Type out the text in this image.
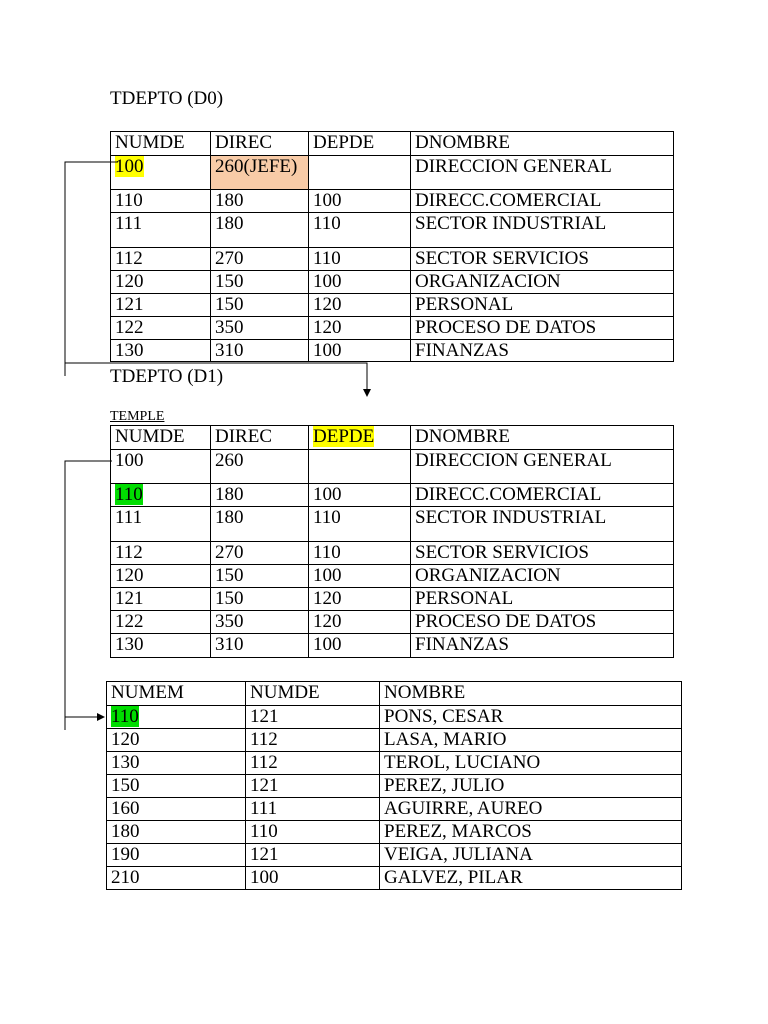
TDEPTO (D0)
NUMDE	DIREC	DEPDE	DNOMBRE
100	260(JEFE)		DIRECCION GENERAL
110	180	100	DIRECC.COMERCIAL
111	180	110	SECTOR INDUSTRIAL
112	270	110	SECTOR SERVICIOS
120	150	100	ORGANIZACION
121	150	120	PERSONAL
122	350	120	PROCESO DE DATOS
130	310	100	FINANZAS
TDEPTO (D1)
TEMPLE
NUMDE	DIREC	DEPDE	DNOMBRE
100	260		DIRECCION GENERAL
110	180	100	DIRECC.COMERCIAL
111	180	110	SECTOR INDUSTRIAL
112	270	110	SECTOR SERVICIOS
120	150	100	ORGANIZACION
121	150	120	PERSONAL
122	350	120	PROCESO DE DATOS
130	310	100	FINANZAS
NUMEM	NUMDE	NOMBRE
110	121	PONS, CESAR
120	112	LASA, MARIO
130	112	TEROL, LUCIANO
150	121	PEREZ, JULIO
160	111	AGUIRRE, AUREO
180	110	PEREZ, MARCOS
190	121	VEIGA, JULIANA
210	100	GALVEZ, PILAR
